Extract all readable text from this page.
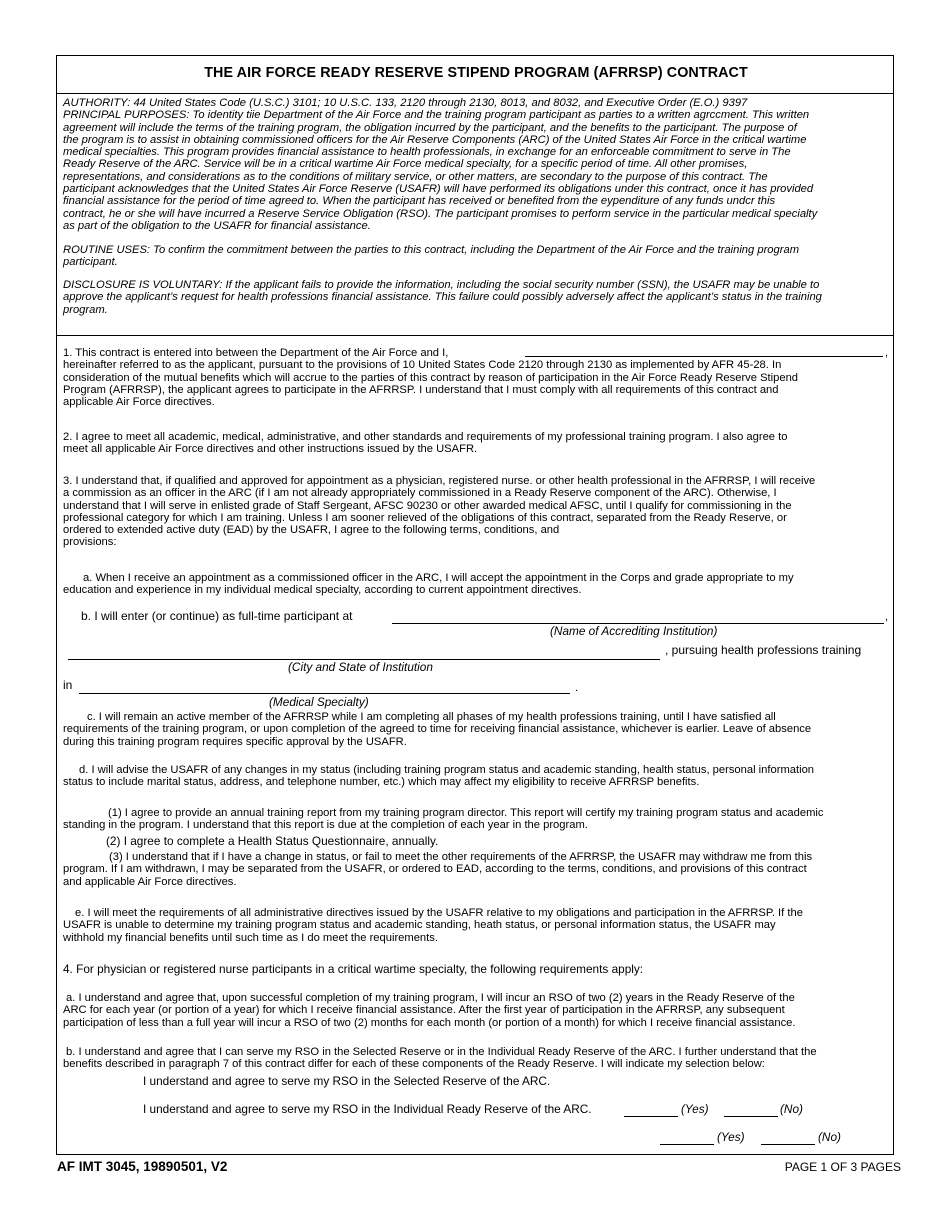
THE AIR FORCE READY RESERVE STIPEND PROGRAM (AFRRSP) CONTRACT
AUTHORITY: 44 United States Code (U.S.C.) 3101; 10 U.S.C. 133, 2120 through 2130, 8013, and 8032, and Executive Order (E.O.) 9397
PRINCIPAL PURPOSES: To identity tiie Department of the Air Force and the training program participant as parties to a written agrccment. This written
agreement will include the terms of the training program, the obligation incurred by the participant, and the benefits to the participant. The purpose of
the program is to assist in obtaining commissioned officers for the Air Reserve Components (ARC) of the United States Air Force in the critical wartime
medical specialties. This program provides financial assistance to health professionals, in exchange for an enforceable commitment to serve in The
Ready Reserve of the ARC. Service will be in a critical wartime Air Force medical specialty, for a specific period of time. All other promises,
representations, and considerations as to the conditions of military service, or other matters, are secondary to the purpose of this contract. The
participant acknowledges that the United States Air Force Reserve (USAFR) will have performed its obligations under this contract, once it has provided
financial assistance for the period of time agreed to. When the participant has received or benefited from the eypenditure of any funds undcr this
contract, he or she will have incurred a Reserve Service Obligation (RSO). The participant promises to perform service in the particular medical specialty
as part of the obligation to the USAFR for financial assistance.
ROUTINE USES: To confirm the commitment between the parties to this contract, including the Department of the Air Force and the training program
participant.
DISCLOSURE IS VOLUNTARY: If the applicant fails to provide the information, including the social security number (SSN), the USAFR may be unable to
approve the applicant’s request for health professions financial assistance. This failure could possibly adversely affect the applicant’s status in the training
program.
1. This contract is entered into between the Department of the Air Force and I,
hereinafter referred to as the applicant, pursuant to the provisions of 10 United States Code 2120 through 2130 as implemented by AFR 45-28. In
consideration of the mutual benefits which will accrue to the parties of this contract by reason of participation in the Air Force Ready Reserve Stipend
Program (AFRRSP), the applicant agrees to participate in the AFRRSP. I understand that I must comply with all requirements of this contract and
applicable Air Force directives.
,
2. I agree to meet all academic, medical, administrative, and other standards and requirements of my professional training program. I also agree to
meet all applicable Air Force directives and other instructions issued by the USAFR.
3. I understand that, if qualified and approved for appointment as a physician, registered nurse. or other health professional in the AFRRSP, I will receive
a commission as an officer in the ARC (if I am not already appropriately commissioned in a Ready Reserve component of the ARC). Otherwise, I
understand that I will serve in enlisted grade of Staff Sergeant, AFSC 90230 or other awarded medical AFSC, until I qualify for commissioning in the
professional category for which I am training. Unless I am sooner relieved of the obligations of this contract, separated from the Ready Reserve, or
ordered to extended active duty (EAD) by the USAFR, I agree to the following terms, conditions, and
provisions:
a. When I receive an appointment as a commissioned officer in the ARC, I will accept the appointment in the Corps and grade appropriate to my
education and experience in my individual medical specialty, according to current appointment directives.
b. I will enter (or continue) as full-time participant at	,
(Name of Accrediting Institution)
, pursuing health professions training
(City and State of Institution
in	.
(Medical Specialty)
c. I will remain an active member of the AFRRSP while I am completing all phases of my health professions training, until I have satisfied all
requirements of the training program, or upon completion of the agreed to time for receiving financial assistance, whichever is earlier. Leave of absence
during this training program requires specific approval by the USAFR.
d. I will advise the USAFR of any changes in my status (including training program status and academic standing, health status, personal information
status to include marital status, address, and telephone number, etc.) which may affect my eligibility to receive AFRRSP benefits.
(1) I agree to provide an annual training report from my training program director. This report will certify my training program status and academic
standing in the program. I understand that this report is due at the completion of each year in the program.
(2) I agree to complete a Health Status Questionnaire, annually.
(3) I understand that if I have a change in status, or fail to meet the other requirements of the AFRRSP, the USAFR may withdraw me from this
program. If I am withdrawn, I may be separated from the USAFR, or ordered to EAD, according to the terms, conditions, and provisions of this contract
and applicable Air Force directives.
e. I will meet the requirements of all administrative directives issued by the USAFR relative to my obligations and participation in the AFRRSP. If the
USAFR is unable to determine my training program status and academic standing, heath status, or personal information status, the USAFR may
withhold my financial benefits until such time as I do meet the requirements.
4. For physician or registered nurse participants in a critical wartime specialty, the following requirements apply:
a. I understand and agree that, upon successful completion of my training program, I will incur an RSO of two (2) years in the Ready Reserve of the
ARC for each year (or portion of a year) for which I receive financial assistance. After the first year of participation in the AFRRSP, any subsequent
participation of less than a full year will incur a RSO of two (2) months for each month (or portion of a month) for which I receive financial assistance.
b. I understand and agree that I can serve my RSO in the Selected Reserve or in the Individual Ready Reserve of the ARC. I further understand that the
benefits described in paragraph 7 of this contract differ for each of these components of the Ready Reserve. I will indicate my selection below:
I understand and agree to serve my RSO in the Selected Reserve of the ARC.
I understand and agree to serve my RSO in the Individual Ready Reserve of the ARC.	(Yes)	(No)
(Yes)	(No)
AF IMT 3045, 19890501, V2	PAGE 1 OF 3 PAGES
